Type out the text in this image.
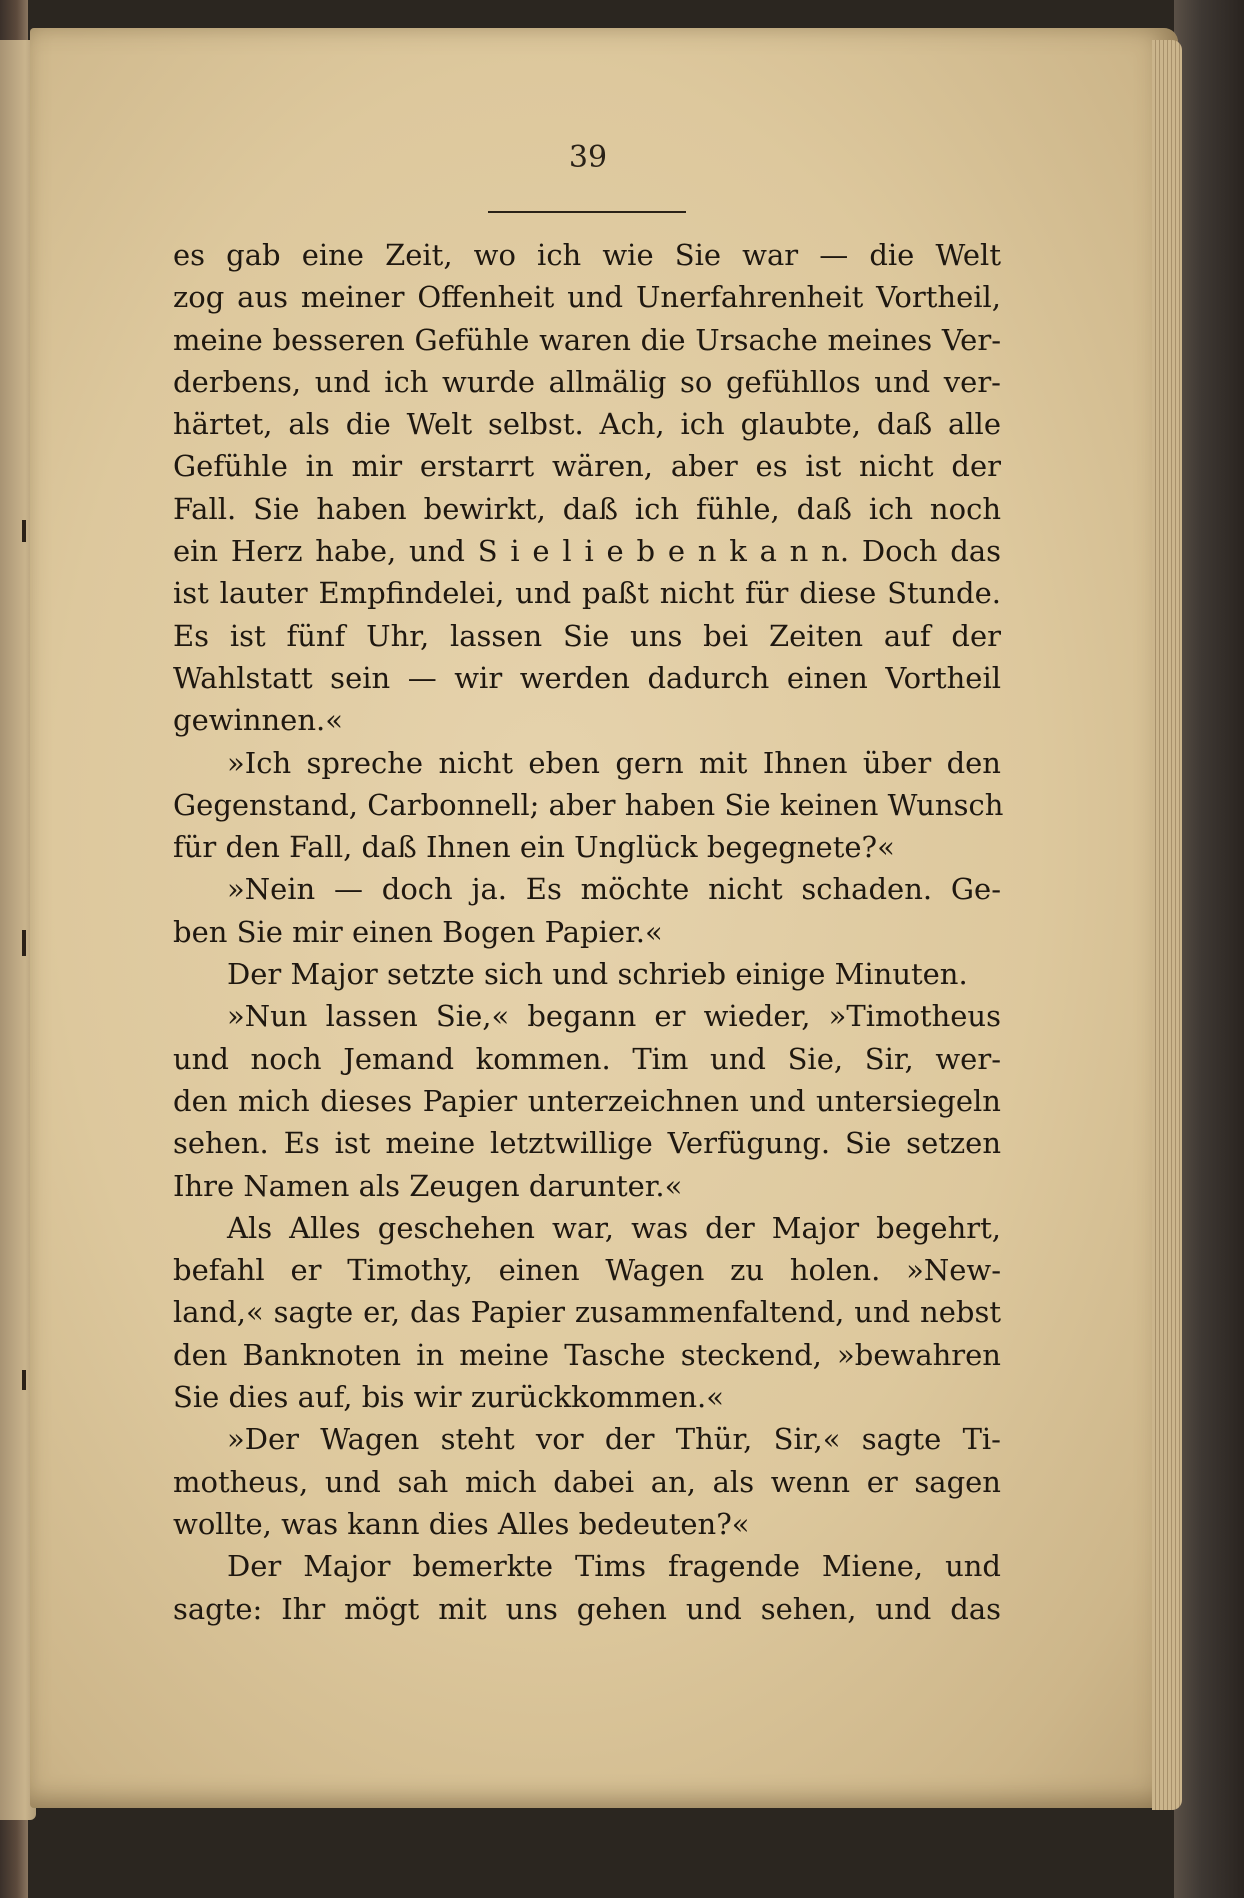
39
es gab eine Zeit, wo ich wie Sie war — die Welt
zog aus meiner Offenheit und Unerfahrenheit Vortheil,
meine besseren Gefühle waren die Ursache meines Ver-
derbens, und ich wurde allmälig so gefühllos und ver-
härtet, als die Welt selbst. Ach, ich glaubte, daß alle
Gefühle in mir erstarrt wären, aber es ist nicht der
Fall. Sie haben bewirkt, daß ich fühle, daß ich noch
ein Herz habe, und S i e l i e b e n k a n n. Doch das
ist lauter Empfindelei, und paßt nicht für diese Stunde.
Es ist fünf Uhr, lassen Sie uns bei Zeiten auf der
Wahlstatt sein — wir werden dadurch einen Vortheil
gewinnen.«
»Ich spreche nicht eben gern mit Ihnen über den
Gegenstand, Carbonnell; aber haben Sie keinen Wunsch
für den Fall, daß Ihnen ein Unglück begegnete?«
»Nein — doch ja. Es möchte nicht schaden. Ge-
ben Sie mir einen Bogen Papier.«
Der Major setzte sich und schrieb einige Minuten.
»Nun lassen Sie,« begann er wieder, »Timotheus
und noch Jemand kommen. Tim und Sie, Sir, wer-
den mich dieses Papier unterzeichnen und untersiegeln
sehen. Es ist meine letztwillige Verfügung. Sie setzen
Ihre Namen als Zeugen darunter.«
Als Alles geschehen war, was der Major begehrt,
befahl er Timothy, einen Wagen zu holen. »New-
land,« sagte er, das Papier zusammenfaltend, und nebst
den Banknoten in meine Tasche steckend, »bewahren
Sie dies auf, bis wir zurückkommen.«
»Der Wagen steht vor der Thür, Sir,« sagte Ti-
motheus, und sah mich dabei an, als wenn er sagen
wollte, was kann dies Alles bedeuten?«
Der Major bemerkte Tims fragende Miene, und
sagte: Ihr mögt mit uns gehen und sehen, und das
